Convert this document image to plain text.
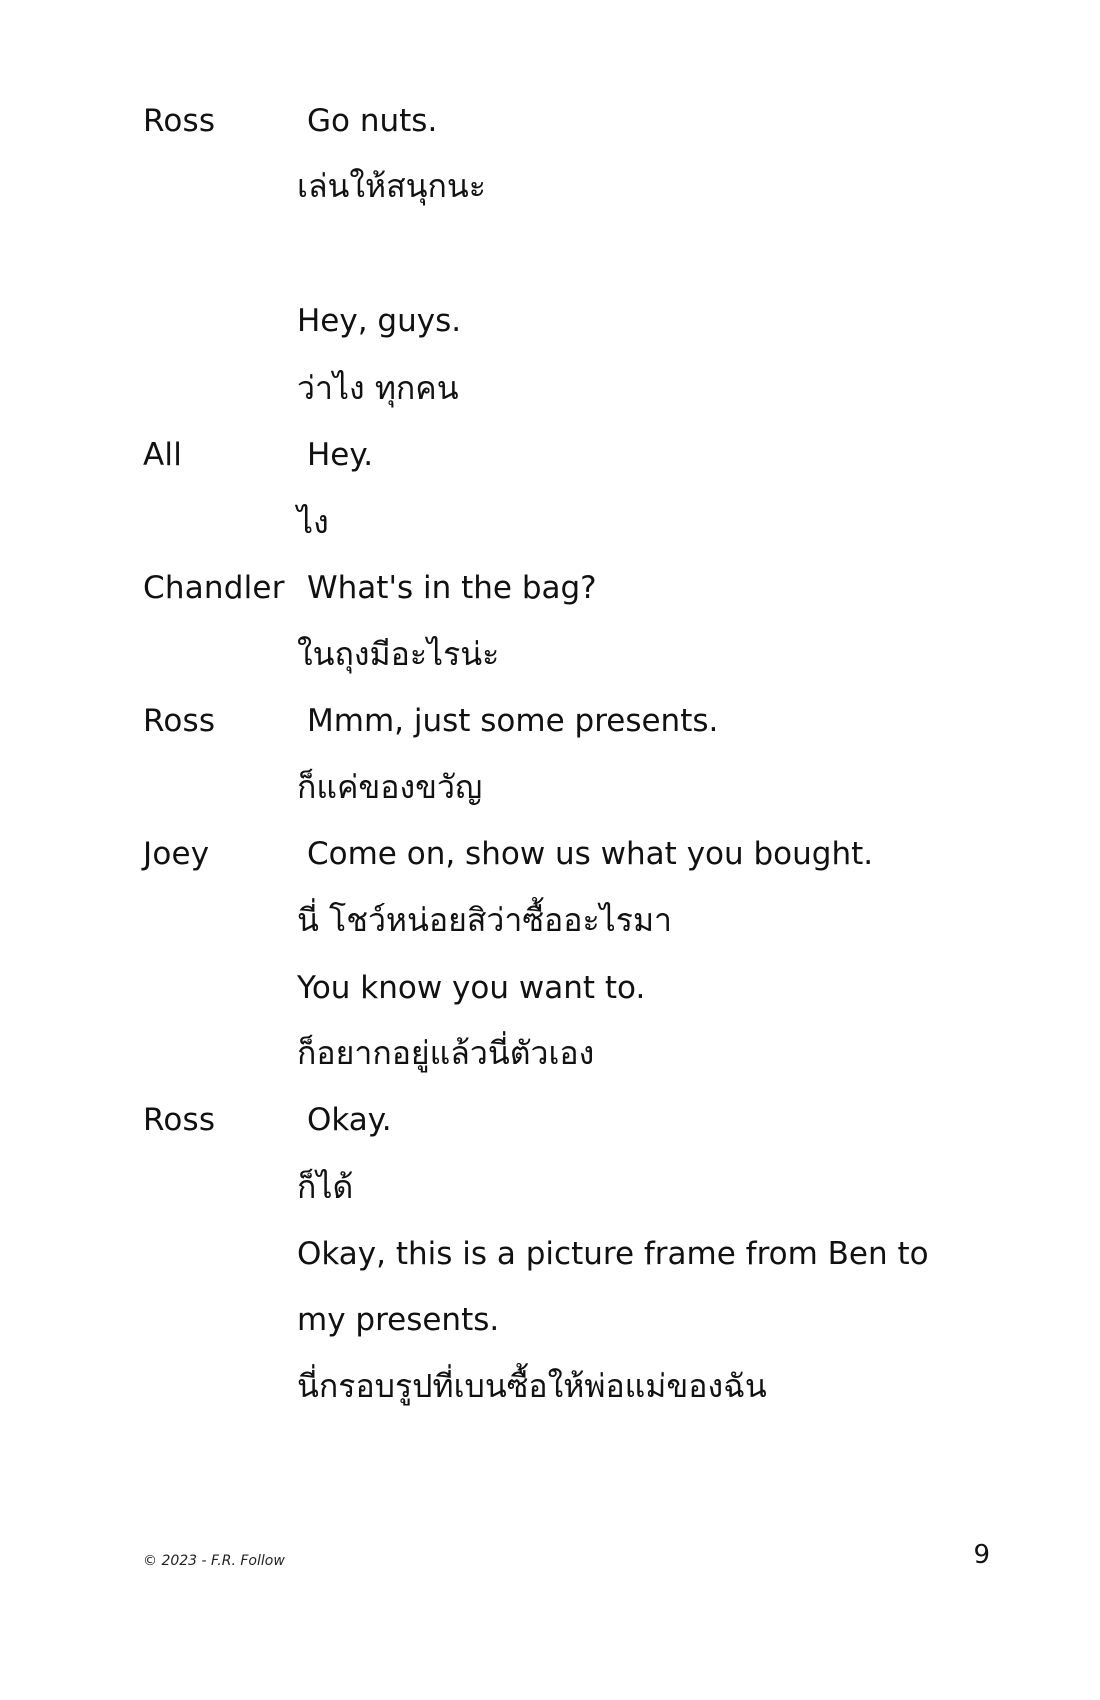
Ross	Go nuts.
เล่นให้สนุกนะ
Hey, guys.
ว่าไง ทุกคน
All	Hey.
ไง
Chandler What's in the bag?
ในถุงมีอะไรน่ะ
Ross	Mmm, just some presents.
ก็แค่ของขวัญ
Joey	Come on, show us what you bought.
นี่ โชว์หน่อยสิว่าซื้ออะไรมา
You know you want to.
ก็อยากอยู่แล้วนี่ตัวเอง
Ross	Okay.
ก็ได้
Okay, this is a picture frame from Ben to
my presents.
นี่กรอบรูปที่เบนซื้อให้พ่อแม่ของฉัน
© 2023 - F.R. Follow	9
